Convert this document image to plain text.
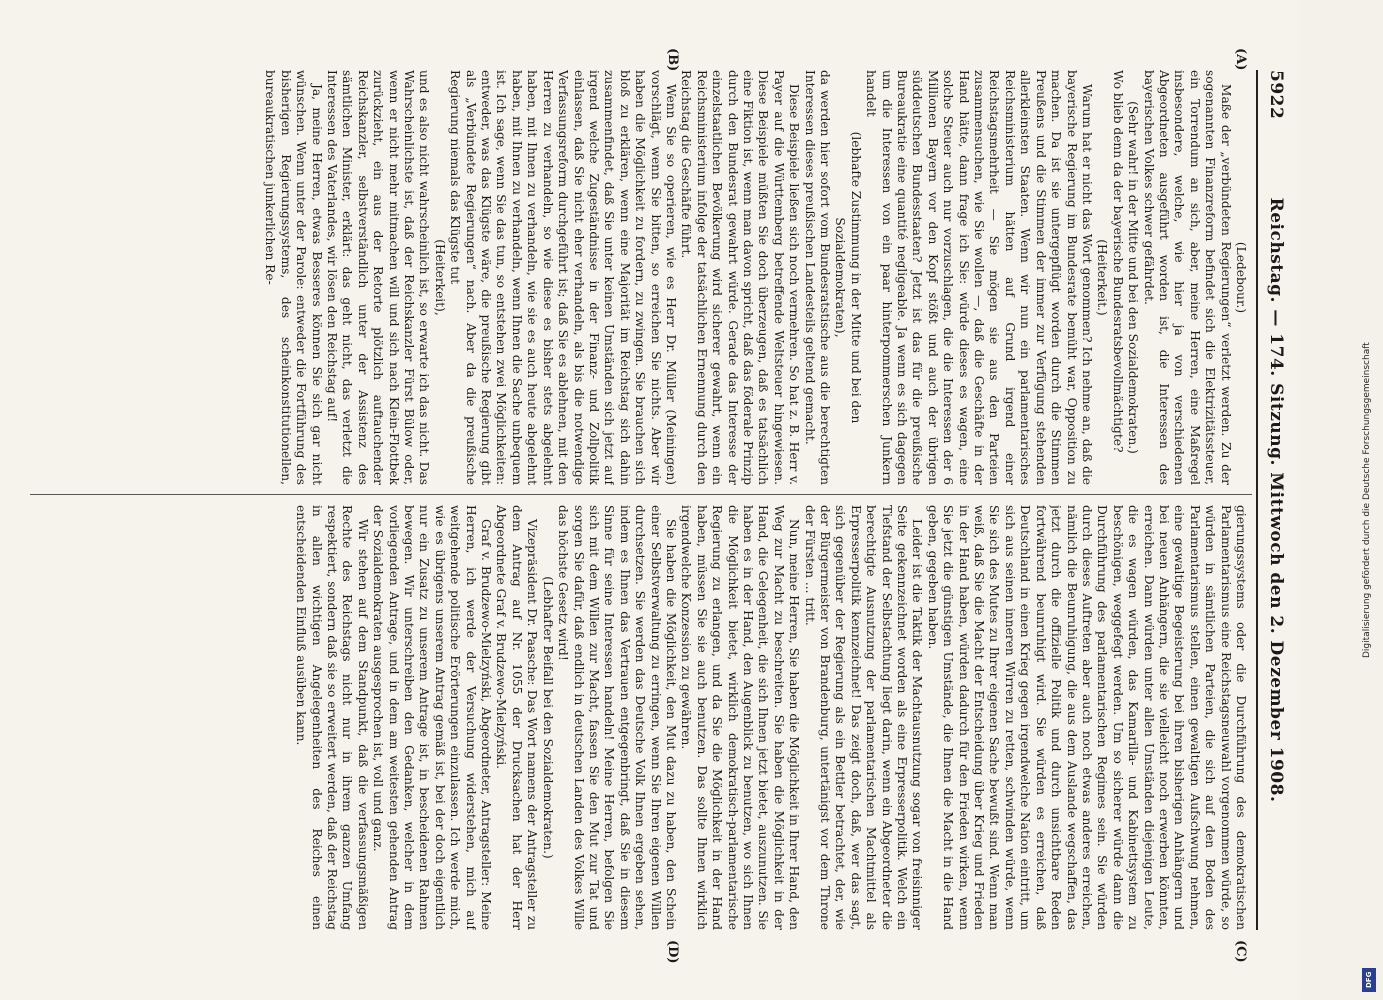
5922
Reichstag. — 174. Sitzung. Mittwoch den 2. Dezember 1908.
(A)
(B)
(C)
(D)

(Ledebour.)

Maße der „verbündeten Regierungen“ verletzt werden. Zu der sogenannten Finanzreform befindet sich die Elektrizitätssteuer, ein Torrendum an sich, aber, meine Herren, eine Maßregel insbesondere, welche, wie hier ja von verschiedenen Abgeordneten ausgeführt worden ist, die Interessen des bayerischen Volkes schwer gefährdet.

(Sehr wahr! in der Mitte und bei den Sozialdemokraten.)

Wo blieb denn da der bayerische Bundesratsbevollmächtigte?

(Heiterkeit.)

Warum hat er nicht das Wort genommen? Ich nehme an, daß die bayerische Regierung im Bundesrate bemüht war, Opposition zu machen. Da ist sie untergepflügt worden durch die Stimmen Preußens und die Stimmen der immer zur Verfügung stehenden allerkleinsten Staaten. Wenn wir nun ein parlamentarisches Reichsministerium hätten auf Grund irgend einer Reichstagsmehrheit — Sie mögen sie aus den Parteien zusammensuchen, wie Sie wollen —, daß die Geschäfte in der Hand hätte, dann frage ich Sie: würde dieses es wagen, eine solche Steuer auch nur vorzuschlagen, die die Interessen der 6 Millionen Bayern vor den Kopf stößt und auch der übrigen süddeutschen Bundesstaaten? Jetzt ist das für die preußische Bureaukratie eine quantité negligeable. Ja wenn es sich dagegen um die Interessen von ein paar hinterpommerschen Junkern handelt

(lebhafte Zustimmung in der Mitte und bei den Sozialdemokraten),

da werden hier sofort vom Bundesratstische aus die berechtigten Interessen dieses preußischen Landesteils geltend gemacht.

Diese Beispiele ließen sich noch vermehren. So hat z. B. Herr v. Payer auf die Württemberg betreffende Weltsteuer hingewiesen. Diese Beispiele müßten Sie doch überzeugen, daß es tatsächlich eine Fiktion ist, wenn man davon spricht, daß das föderale Prinzip durch den Bundesrat gewahrt würde. Gerade das Interesse der einzelstaatlichen Bevölkerung wird sicherer gewahrt, wenn ein Reichsministerium infolge der tatsächlichen Ernennung durch den Reichstag die Geschäfte führt.

Wenn Sie so operieren, wie es Herr Dr. Müller (Meiningen) vorschlägt, wenn Sie bitten, so erreichen Sie nichts. Aber wir haben die Möglichkeit zu fordern, zu zwingen. Sie brauchen sich bloß zu erklären, wenn eine Majorität im Reichstag sich dahin zusammenfindet, daß Sie unter keinen Umständen sich jetzt auf irgend welche Zugeständnisse in der Finanz- und Zollpolitik einlassen, daß Sie nicht eher verhandeln, als bis die notwendige Verfassungsreform durchgeführt ist; daß Sie es ablehnen, mit den Herren zu verhandeln, so wie diese es bisher stets abgelehnt haben, mit Ihnen zu verhandeln, wie sie es auch heute abgelehnt haben, mit Ihnen zu verhandeln, wenn Ihnen die Sache unbequem ist. Ich sage, wenn Sie das tun, so entstehen zwei Möglichkeiten: entweder, was das Klügste wäre, die preußische Regierung gibt als „Verbündete Regierungen“ nach. Aber da die preußische Regierung niemals das Klügste tut

(Heiterkeit),

und es also nicht wahrscheinlich ist, so erwarte ich das nicht. Das Wahrscheinlichste ist, daß der Reichskanzler Fürst Bülow oder, wenn er nicht mehr mitmachen will und sich nach Klein-Flottbek zurückzieht, ein aus der Retorte plötzlich auftauchender Reichskanzler, selbstverständlich unter der Assistenz des sämtlichen Minister, erklärt: das geht nicht, das verletzt die Interessen des Vaterlandes, wir lösen den Reichstag auf!

Ja, meine Herren, etwas Besseres können Sie sich gar nicht wünschen. Wenn unter der Parole: entweder die Fortführung des bisherigen Regierungssystems, des scheinkonstitutionellen, bureaukratischen junkerlichen Re-

gierungssystems oder die Durchführung des demokratischen Parlamentarismus eine Reichstagsneuwahl vorgenommen würde, so würden in sämtlichen Parteien, die sich auf den Boden des Parlamentarismus stellen, einen gewaltigen Aufschwung nehmen, eine gewaltige Begeisterung bei ihren bisherigen Anhängern und bei neuen Anhängern, die sie vielleicht noch erwerben könnten, erreichen. Dann würden unter allen Umständen diejenigen Leute, die es wagen würden, das Kamarilla- und Kabinettsystem zu beschönigen, weggefegt werden. Um so sicherer würde dann die Durchführung des parlamentarischen Regimes sein. Sie würden durch dieses Auftreten aber auch noch etwas anderes erreichen, nämlich die Beunruhigung, die aus dem Auslande wegschaffen, das jetzt durch die offizielle Politik und durch unsichtbare Reden fortwährend beunruhigt wird. Sie würden es erreichen, daß Deutschland in einen Krieg gegen irgendwelche Nation eintritt, um sich aus seinen inneren Wirren zu retten, schwinden würde, wenn Sie sich des Mutes zu Ihrer eigenen Sache bewußt sind. Wenn man weiß, daß Sie die Macht der Entscheidung über Krieg und Frieden in der Hand haben, würden dadurch für den Frieden wirken, wenn Sie jetzt die günstigen Umstände, die Ihnen die Macht in die Hand geben, gegeben haben.

Leider ist die Taktik der Machtausnutzung sogar von freisinniger Seite gekennzeichnet worden als eine Erpresserpolitik. Welch ein Tiefstand der Selbstachtung liegt darin, wenn ein Abgeordneter die berechtigte Ausnutzung der parlamentarischen Machtmittel als Erpresserpolitik kennzeichnet! Das zeigt doch, daß, wer das sagt, sich gegenüber der Regierung als ein Bettler betrachtet, der, wie der Bürgermeister von Brandenburg, untertänigst vor dem Throne der Fürsten ... tritt.

Nun, meine Herren, Sie haben die Möglichkeit in Ihrer Hand, den Weg zur Macht zu beschreiten. Sie haben die Möglichkeit in der Hand, die Gelegenheit, die sich Ihnen jetzt bietet, auszunutzen. Sie haben es in der Hand, den Augenblick zu benutzen, wo sich Ihnen die Möglichkeit bietet, wirklich demokratisch-parlamentarische Regierung zu erlangen, und da Sie die Möglichkeit in der Hand haben, müssen Sie sie auch benutzen. Das sollte Ihnen wirklich irgendwelche Konzession zu gewähren.

Sie haben die Möglichkeit, den Mut dazu zu haben, den Schein einer Selbstverwaltung zu erringen, wenn Sie Ihren eigenen Willen durchsetzen. Sie werden das Deutsche Volk Ihnen ergeben sehen, indem es Ihnen das Vertrauen entgegenbringt, daß Sie in diesem Sinne für seine Interessen handeln! Meine Herren, befolgen Sie sich mit dem Willen zur Macht, fassen Sie den Mut zur Tat und sorgen Sie dafür, daß endlich in deutschen Landen des Volkes Wille das höchste Gesetz wird!

(Lebhafter Beifall bei den Sozialdemokraten.)

Vizepräsident Dr. Paasche: Das Wort namens der Antragsteller zu dem Antrag auf Nr. 1055 der Drucksachen hat der Herr Abgeordnete Graf v. Brudzewo-Mielzyński.

Graf v. Brudzewo-Mielzyński, Abgeordneter, Antragsteller: Meine Herren, ich werde der Versuchung widerstehen, mich auf weitgehende politische Erörterungen einzulassen. Ich werde mich, wie es übrigens unserem Antrag gemäß ist, bei der doch eigentlich nur ein Zusatz zu unserem Antrage ist, in bescheidenen Rahmen bewegen. Wir unterschreiben den Gedanken, welcher in dem vorliegenden Antrage, und in dem am weitesten gehenden Antrag der Sozialdemokraten ausgesprochen ist, voll und ganz.

Wir stehen auf dem Standpunkt, daß die verfassungsmäßigen Rechte des Reichstags nicht nur in ihrem ganzen Umfang respektiert, sondern daß sie so erweitert werden, daß der Reichstag in allen wichtigen Angelegenheiten des Reiches einen entscheidenden Einfluß ausüben kann.	Digitalisierung gefördert durch die Deutsche Forschungsgemeinschaft
DFG
